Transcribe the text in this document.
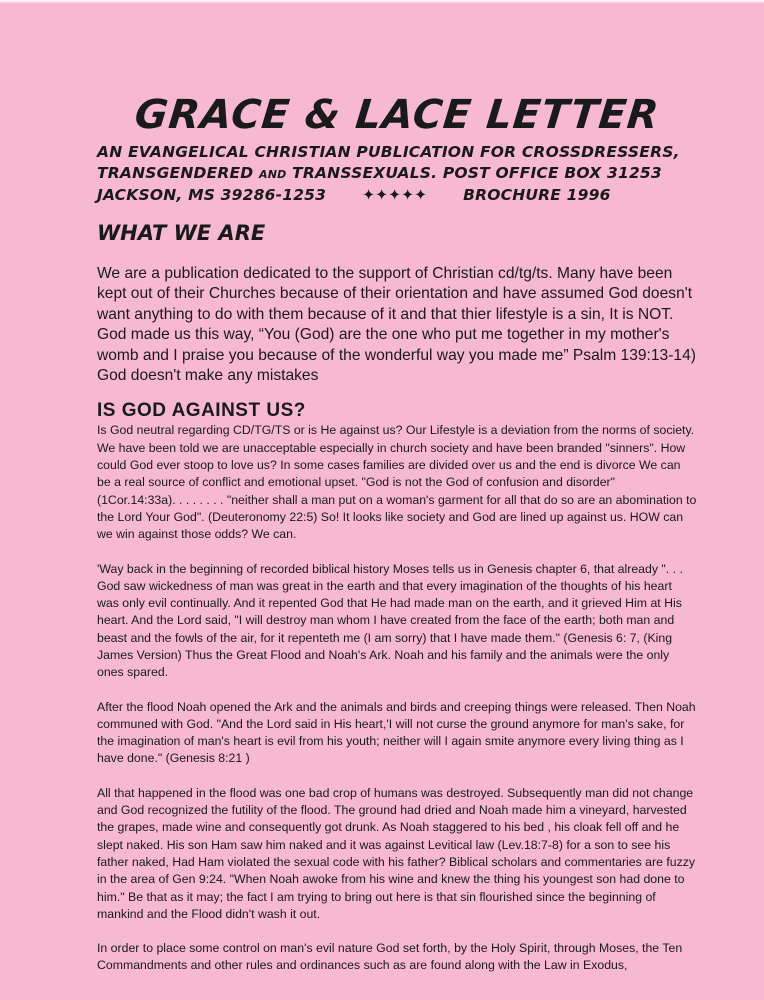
GRACE & LACE LETTER
AN EVANGELICAL CHRISTIAN PUBLICATION FOR CROSSDRESSERS,
TRANSGENDERED AND TRANSSEXUALS. POST OFFICE BOX 31253
JACKSON, MS 39286-1253 ✦✦✦✦✦ BROCHURE 1996
WHAT WE ARE

We are a publication dedicated to the support of Christian cd/tg/ts. Many have been kept out of their Churches because of their orientation and have assumed God doesn't want anything to do with them because of it and that thier lifestyle is a sin, It is NOT. God made us this way, “You (God) are the one who put me together in my mother's womb and I praise you because of the wonderful way you made me” Psalm 139:13-14) God doesn't make any mistakes

IS GOD AGAINST US?

Is God neutral regarding CD/TG/TS or is He against us? Our Lifestyle is a deviation from the norms of society. We have been told we are unacceptable especially in church society and have been branded "sinners". How could God ever stoop to love us? In some cases families are divided over us and the end is divorce We can be a real source of conflict and emotional upset. "God is not the God of confusion and disorder" (1Cor.14:33a). . . . . . . . "neither shall a man put on a woman's garment for all that do so are an abomination to the Lord Your God". (Deuteronomy 22:5) So! It looks like society and God are lined up against us. HOW can we win against those odds? We can.

'Way back in the beginning of recorded biblical history Moses tells us in Genesis chapter 6, that already ". . . God saw wickedness of man was great in the earth and that every imagination of the thoughts of his heart was only evil continually. And it repented God that He had made man on the earth, and it grieved Him at His heart. And the Lord said, "I will destroy man whom I have created from the face of the earth; both man and beast and the fowls of the air, for it repenteth me (I am sorry) that I have made them." (Genesis 6: 7, (King James Version) Thus the Great Flood and Noah's Ark. Noah and his family and the animals were the only ones spared.

After the flood Noah opened the Ark and the animals and birds and creeping things were released. Then Noah communed with God. "And the Lord said in His heart,'I will not curse the ground anymore for man's sake, for the imagination of man's heart is evil from his youth; neither will I again smite anymore every living thing as I have done." (Genesis 8:21 )

All that happened in the flood was one bad crop of humans was destroyed. Subsequently man did not change and God recognized the futility of the flood. The ground had dried and Noah made him a vineyard, harvested the grapes, made wine and consequently got drunk. As Noah staggered to his bed , his cloak fell off and he slept naked. His son Ham saw him naked and it was against Levitical law (Lev.18:7-8) for a son to see his father naked, Had Ham violated the sexual code with his father? Biblical scholars and commentaries are fuzzy in the area of Gen 9:24. "When Noah awoke from his wine and knew the thing his youngest son had done to him." Be that as it may; the fact I am trying to bring out here is that sin flourished since the beginning of mankind and the Flood didn't wash it out.

In order to place some control on man's evil nature God set forth, by the Holy Spirit, through Moses, the Ten Commandments and other rules and ordinances such as are found along with the Law in Exodus,
